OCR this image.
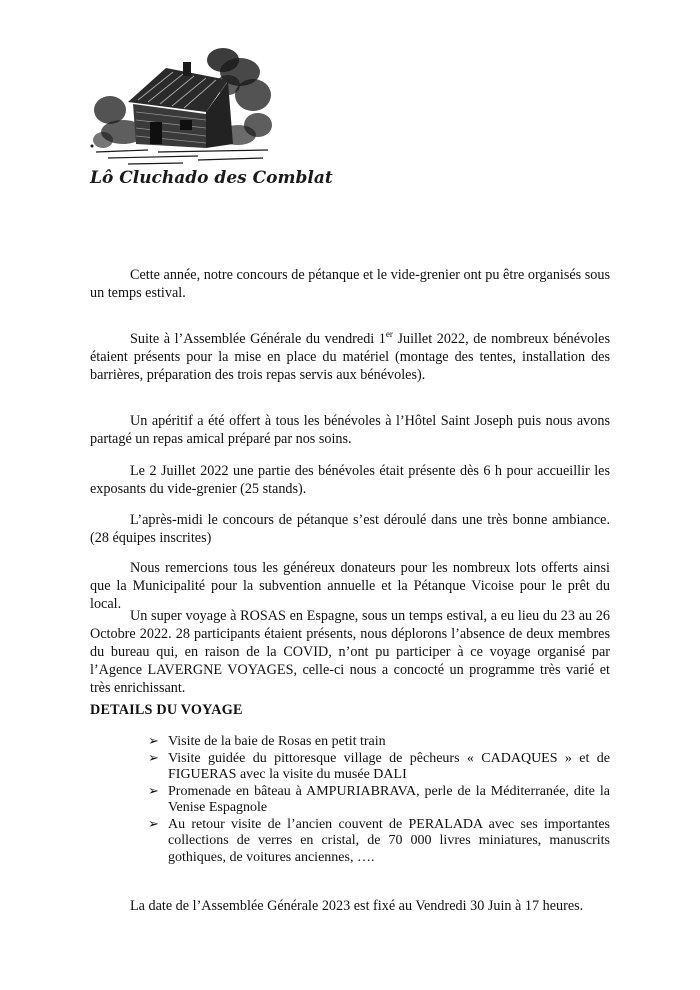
Lô Cluchado des Comblat

Cette année, notre concours de pétanque et le vide-grenier ont pu être organisés sous un temps estival.

Suite à l’Assemblée Générale du vendredi 1er Juillet 2022, de nombreux bénévoles étaient présents pour la mise en place du matériel (montage des tentes, installation des barrières, préparation des trois repas servis aux bénévoles).

Un apéritif a été offert à tous les bénévoles à l’Hôtel Saint Joseph puis nous avons partagé un repas amical préparé par nos soins.

Le 2 Juillet 2022 une partie des bénévoles était présente dès 6 h pour accueillir les exposants du vide-grenier (25 stands).

L’après-midi le concours de pétanque s’est déroulé dans une très bonne ambiance. (28 équipes inscrites)

Nous remercions tous les généreux donateurs pour les nombreux lots offerts ainsi que la Municipalité pour la subvention annuelle et la Pétanque Vicoise pour le prêt du local.

Un super voyage à ROSAS en Espagne, sous un temps estival, a eu lieu du 23 au 26 Octobre 2022. 28 participants étaient présents, nous déplorons l’absence de deux membres du bureau qui, en raison de la COVID, n’ont pu participer à ce voyage organisé par l’Agence LAVERGNE VOYAGES, celle-ci nous a concocté un programme très varié et très enrichissant.

DETAILS DU VOYAGE
➢ Visite de la baie de Rosas en petit train
➢ Visite guidée du pittoresque village de pêcheurs « CADAQUES » et de FIGUERAS avec la visite du musée DALI
➢ Promenade en bâteau à AMPURIABRAVA, perle de la Méditerranée, dite la Venise Espagnole
➢ Au retour visite de l’ancien couvent de PERALADA avec ses importantes collections de verres en cristal, de 70 000 livres miniatures, manuscrits gothiques, de voitures anciennes, ….

La date de l’Assemblée Générale 2023 est fixé au Vendredi 30 Juin à 17 heures.
